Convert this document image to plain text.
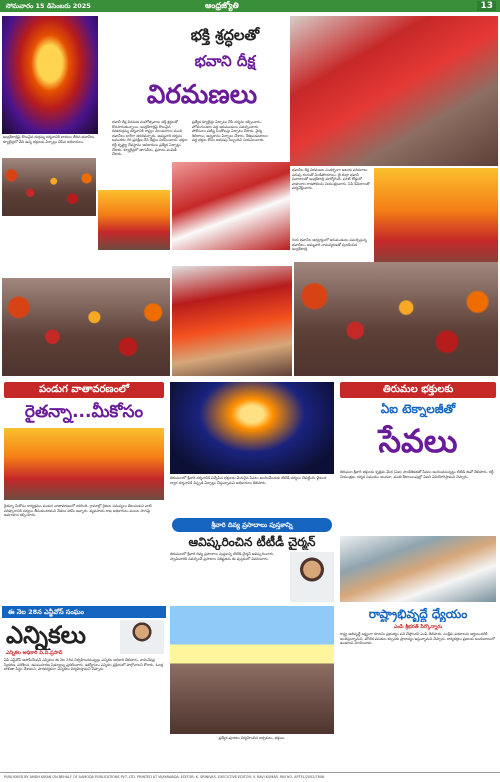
సోమవారం 15 డిసెంబరు 2025	ఆంధ్రజ్యోతి	13
ఇంద్రకీలాద్రిపై కొలువైన దుర్గమ్మ దర్శనానికి బారులు తీరిన భవానీలు. క్యూలైన్లలో వేచి ఉన్న భక్తులకు ఏర్పాట్లు చేసిన అధికారులు.
భక్తి శ్రద్ధలతో
భవాని దీక్ష
విరమణలు
భవానీ దీక్ష విరమణ మహోత్సవాలు భక్తి శ్రద్ధలతో కొనసాగుతున్నాయి. ఇంద్రకీలాద్రిపై కొలువైన కనకదుర్గమ్మ దర్శనానికి రాష్ట్రం నలుమూలల నుంచి భవానీలు భారీగా తరలివచ్చారు. అమ్మవారి దర్శనం అనంతరం గిరి ప్రదక్షిణ చేసి దీక్షలు విరమించారు. భక్తుల రద్దీ దృష్ట్యా దేవస్థానం అధికారులు ప్రత్యేక ఏర్పాట్లు చేశారు. క్యూలైన్లలో తాగునీరు, ప్రసాదం పంపిణీ చేశారు.
ప్రత్యేక క్యూలైన్లు ఏర్పాటు చేసి దర్శనం కల్పించారు. హోమగుండాల వద్ద ఇరుముడులు సమర్పించారు. పోలీసులు పటిష్ట బందోబస్తు ఏర్పాటు చేశారు. వైద్య శిబిరాలు, అన్నదానం ఏర్పాటు చేశారు. కేశఖండనశాలల వద్ద భక్తుల కోసం అదనపు సిబ్బందిని నియమించారు.
భవానీల దీక్ష విరమణల సందర్భంగా ఆలయ పరిసరాలు ఎరుపు రంగుతో నిండిపోయాయి. జై దుర్గా భవానీ నినాదాలతో ఇంద్రకీలాద్రి మార్మోగింది. ఘాట్ రోడ్డులో వాహనాల రాకపోకలను నియంత్రించారు. సీసీ కెమెరాలతో పర్యవేక్షించారు.
గురు భవానీల ఆధ్వర్యంలో ఇరుముడులు సమర్పిస్తున్న భవానీలు. అమ్మవారి నామస్మరణతో పులకించిన ఇంద్రకీలాద్రి.
పండుగ వాతావరణంలో
రైతన్నా...మీకోసం
రైతన్నా మీకోసం కార్యక్రమం పండుగ వాతావరణంలో జరిగింది. గ్రామాల్లో రైతుల సమస్యలు తెలుసుకుని వాటి పరిష్కారానికి చర్యలు తీసుకుంటామని నేతలు హామీ ఇచ్చారు. వ్యవసాయ శాఖ అధికారులు పంటల సాగుపై అవగాహన కల్పించారు.
ఈ నెల 28న ఎన్జీవోస్ సంఘం
ఎన్నికలు
ఎన్నికల అధికారి వి.వి.ప్రసాద్
ఏపీ ఎన్జీవోస్ అసోసియేషన్ ఎన్నికలు ఈ నెల 28న నిర్వహించనున్నట్లు ఎన్నికల అధికారి తెలిపారు. నామినేషన్ల స్వీకరణ, పరిశీలన, ఉపసంహరణ షెడ్యూల్ను ప్రకటించారు. ఉద్యోగులు ఎన్నికల ప్రక్రియలో పాల్గొనాలని కోరారు. ఓటర్ల జాబితా సిద్ధం చేశామని, పారదర్శకంగా ఎన్నికలు నిర్వహిస్తామని చెప్పారు.
తిరుమలలో శ్రీవారి దర్శనానికి విచ్చేసిన భక్తులకు మెరుగైన సేవలు అందించేందుకు టీటీడీ చర్యలు చేపట్టింది. వైకుంఠ ద్వార దర్శనానికి విస్తృత ఏర్పాట్లు చేస్తున్నామని అధికారులు తెలిపారు.
శ్రీవారి దివ్య ప్రసాదాలు పుస్తకాన్ని
ఆవిష్కరించిన టీటీడీ చైర్మన్
తిరుమలలో శ్రీవారి దివ్య ప్రసాదాలు పుస్తకాన్ని టీటీడీ చైర్మన్ ఆవిష్కరించారు. స్వామివారికి సమర్పించే ప్రసాదాల విశిష్టతను ఈ పుస్తకంలో వివరించారు.
ప్రత్యేక పూజలు నిర్వహించిన అర్చకులు, భక్తులు.
తిరుమల భక్తులకు
ఏఐ టెక్నాలజీతో
సేవలు
తిరుమల శ్రీవారి భక్తులకు కృత్రిమ మేధ (ఏఐ) సాంకేతికతతో సేవలు అందించనున్నట్లు టీటీడీ ఈవో తెలిపారు. రద్దీ నియంత్రణ, దర్శన సమయం అంచనా, వసతి కేటాయింపుల్లో ఏఐని వినియోగిస్తామని చెప్పారు.
రాష్ట్రాభివృద్ధే ధ్యేయం
ఎంపీ శ్రీభరత్ పేర్కొన్నారు
రాష్ట్ర అభివృద్ధే లక్ష్యంగా కూటమి ప్రభుత్వం పని చేస్తోందని ఎంపీ తెలిపారు. సంక్షేమ పథకాలను అర్హులందరికీ అందిస్తున్నామని, మౌలిక వసతుల కల్పనకు ప్రాధాన్యం ఇస్తున్నామని చెప్పారు. కార్యకర్తలు ప్రజలకు అందుబాటులో ఉండాలని సూచించారు.
PUBLISHED BY AMDH KIRAN ON BEHALF OF AAMODA PUBLICATIONS PVT. LTD. PRINTED AT VIJAYAWADA. EDITOR: K. SRINIVAS. EXECUTIVE EDITOR: V. RAVI KUMAR. RNI NO. APTEL/2002/7806.
